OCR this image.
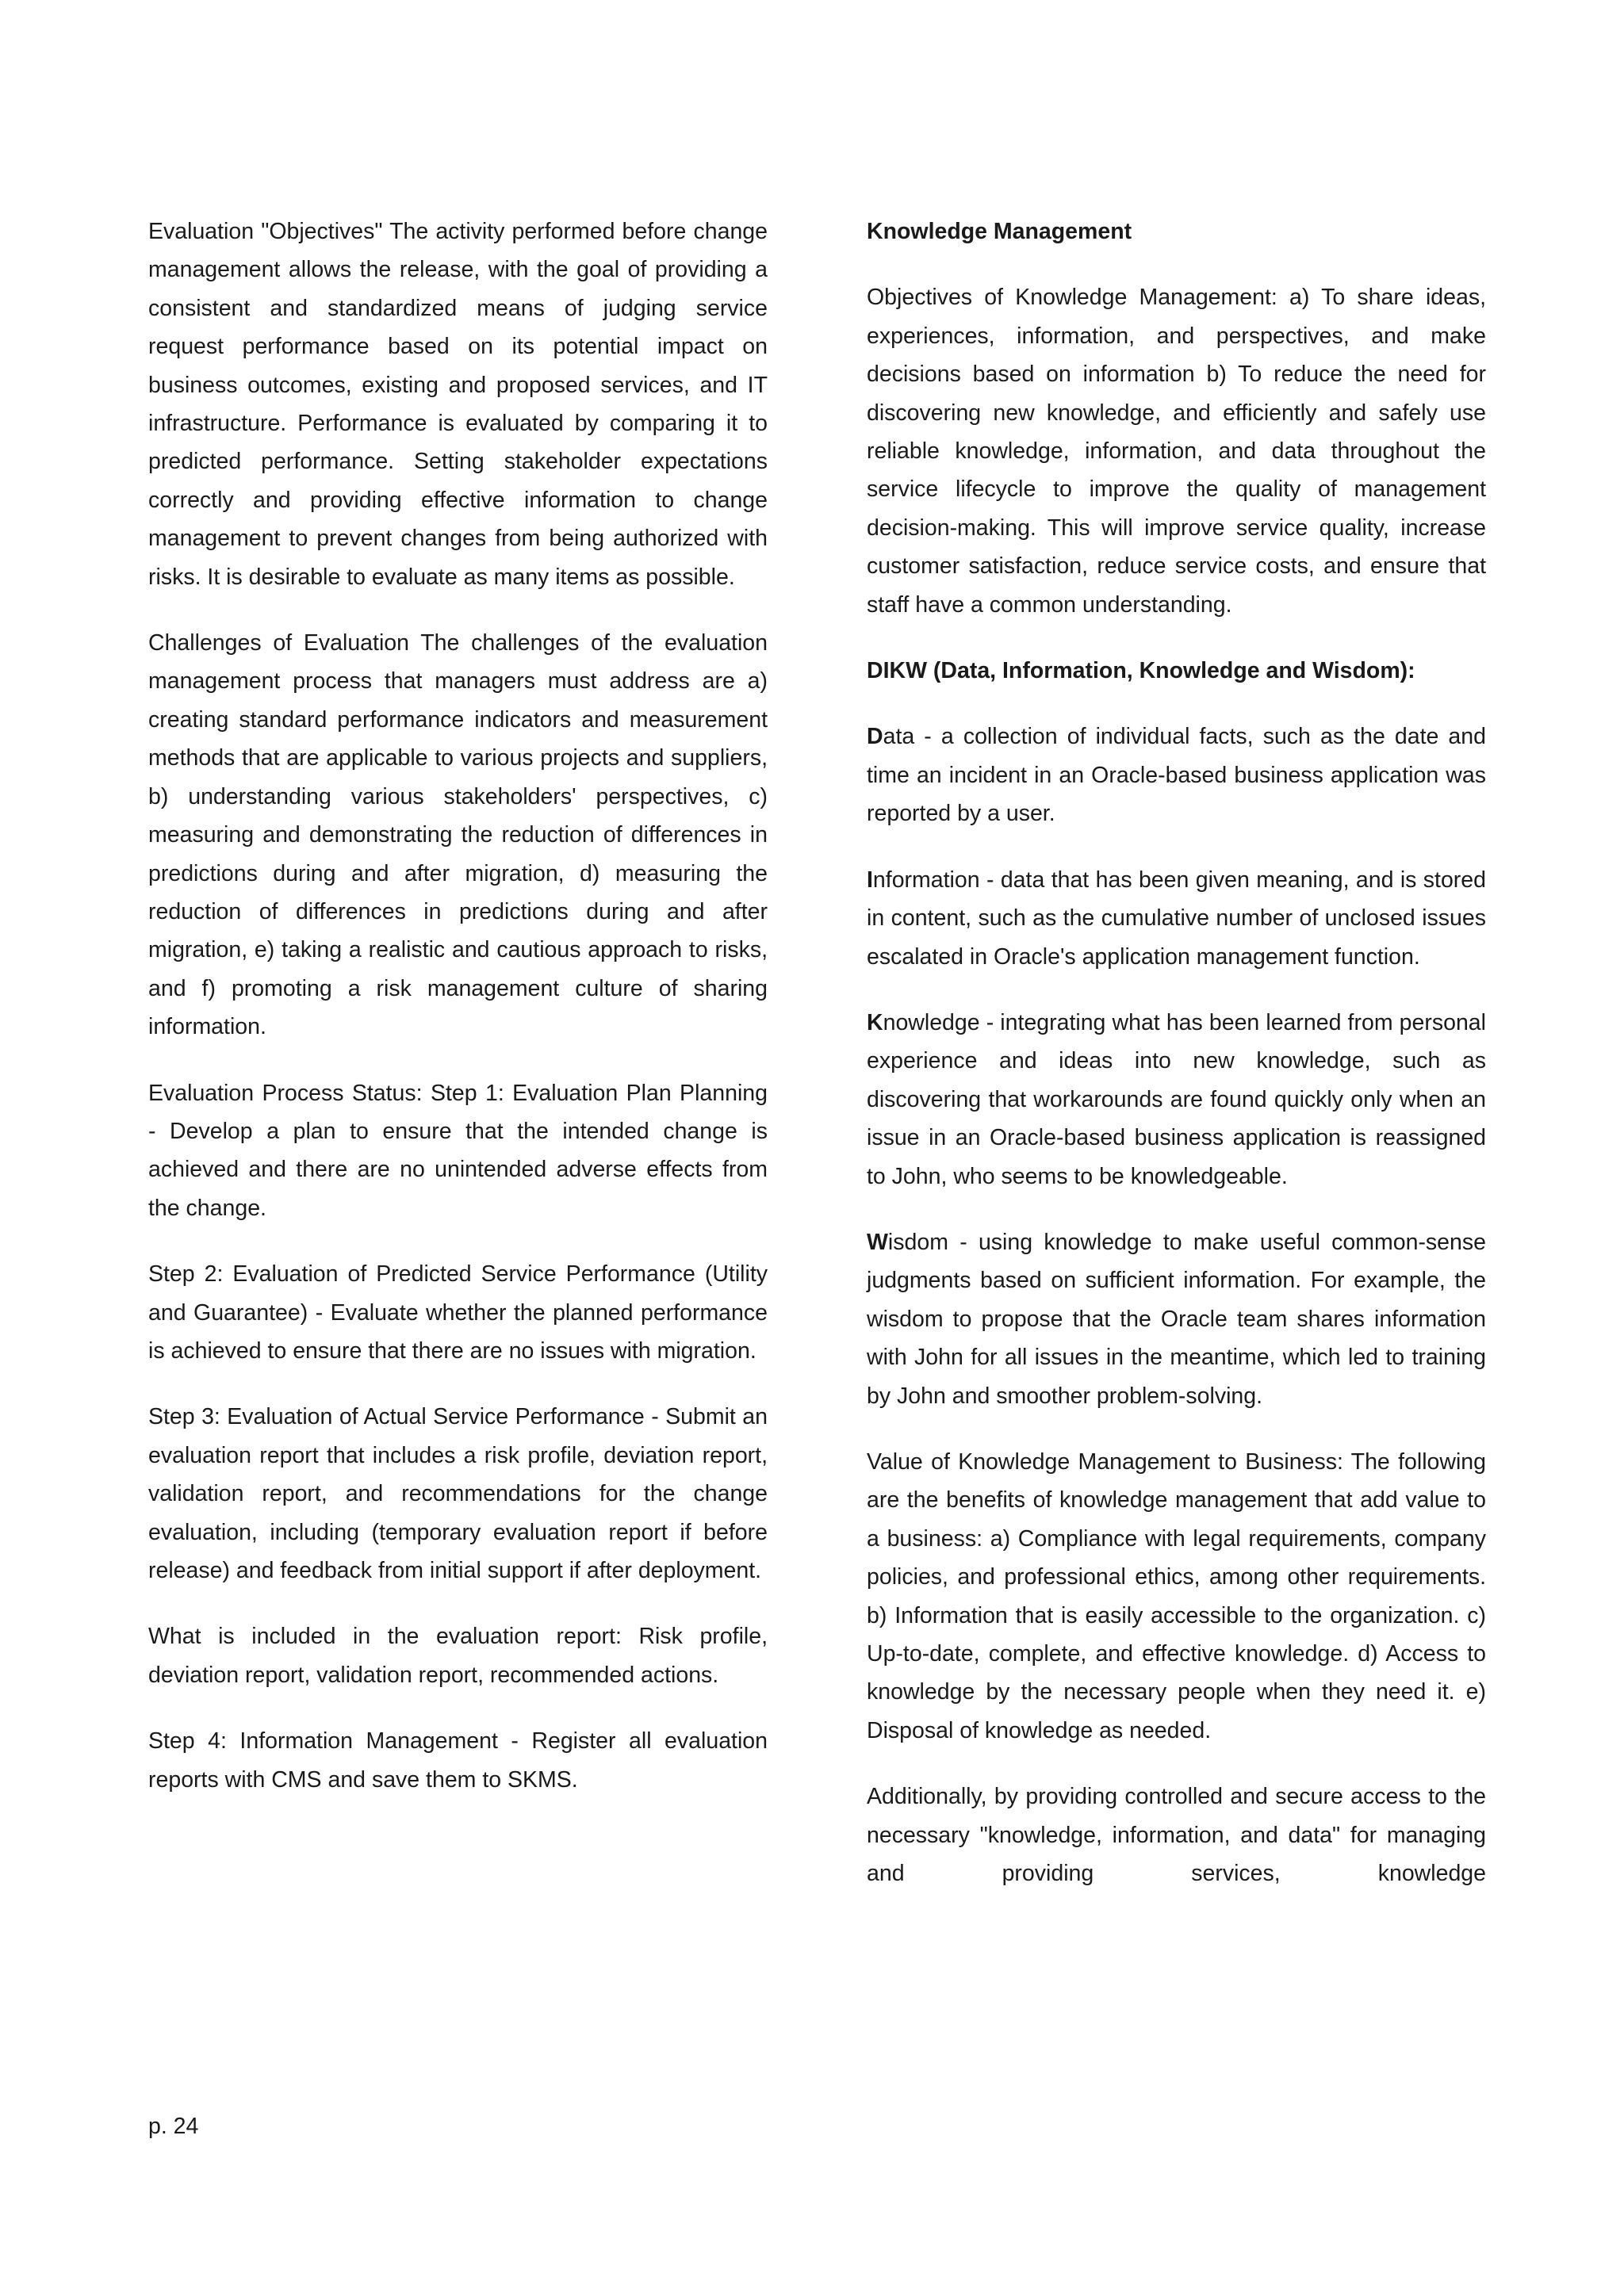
Evaluation "Objectives" The activity performed before change management allows the release, with the goal of providing a consistent and standardized means of judging service request performance based on its potential impact on business outcomes, existing and proposed services, and IT infrastructure. Performance is evaluated by comparing it to predicted performance. Setting stakeholder expectations correctly and providing effective information to change management to prevent changes from being authorized with risks. It is desirable to evaluate as many items as possible.

Challenges of Evaluation The challenges of the evaluation management process that managers must address are a) creating standard performance indicators and measurement methods that are applicable to various projects and suppliers, b) understanding various stakeholders' perspectives, c) measuring and demonstrating the reduction of differences in predictions during and after migration, d) measuring the reduction of differences in predictions during and after migration, e) taking a realistic and cautious approach to risks, and f) promoting a risk management culture of sharing information.

Evaluation Process Status: Step 1: Evaluation Plan Planning - Develop a plan to ensure that the intended change is achieved and there are no unintended adverse effects from the change.

Step 2: Evaluation of Predicted Service Performance (Utility and Guarantee) - Evaluate whether the planned performance is achieved to ensure that there are no issues with migration.

Step 3: Evaluation of Actual Service Performance - Submit an evaluation report that includes a risk profile, deviation report, validation report, and recommendations for the change evaluation, including (temporary evaluation report if before release) and feedback from initial support if after deployment.

What is included in the evaluation report: Risk profile, deviation report, validation report, recommended actions.

Step 4: Information Management - Register all evaluation reports with CMS and save them to SKMS.

Knowledge Management

Objectives of Knowledge Management: a) To share ideas, experiences, information, and perspectives, and make decisions based on information b) To reduce the need for discovering new knowledge, and efficiently and safely use reliable knowledge, information, and data throughout the service lifecycle to improve the quality of management decision-making. This will improve service quality, increase customer satisfaction, reduce service costs, and ensure that staff have a common understanding.

DIKW (Data, Information, Knowledge and Wisdom):

Data - a collection of individual facts, such as the date and time an incident in an Oracle-based business application was reported by a user.

Information - data that has been given meaning, and is stored in content, such as the cumulative number of unclosed issues escalated in Oracle's application management function.

Knowledge - integrating what has been learned from personal experience and ideas into new knowledge, such as discovering that workarounds are found quickly only when an issue in an Oracle-based business application is reassigned to John, who seems to be knowledgeable.

Wisdom - using knowledge to make useful common-sense judgments based on sufficient information. For example, the wisdom to propose that the Oracle team shares information with John for all issues in the meantime, which led to training by John and smoother problem-solving.

Value of Knowledge Management to Business: The following are the benefits of knowledge management that add value to a business: a) Compliance with legal requirements, company policies, and professional ethics, among other requirements. b) Information that is easily accessible to the organization. c) Up-to-date, complete, and effective knowledge. d) Access to knowledge by the necessary people when they need it. e) Disposal of knowledge as needed.

Additionally, by providing controlled and secure access to the necessary "knowledge, information, and data" for managing and providing services, knowledge

p. 24
